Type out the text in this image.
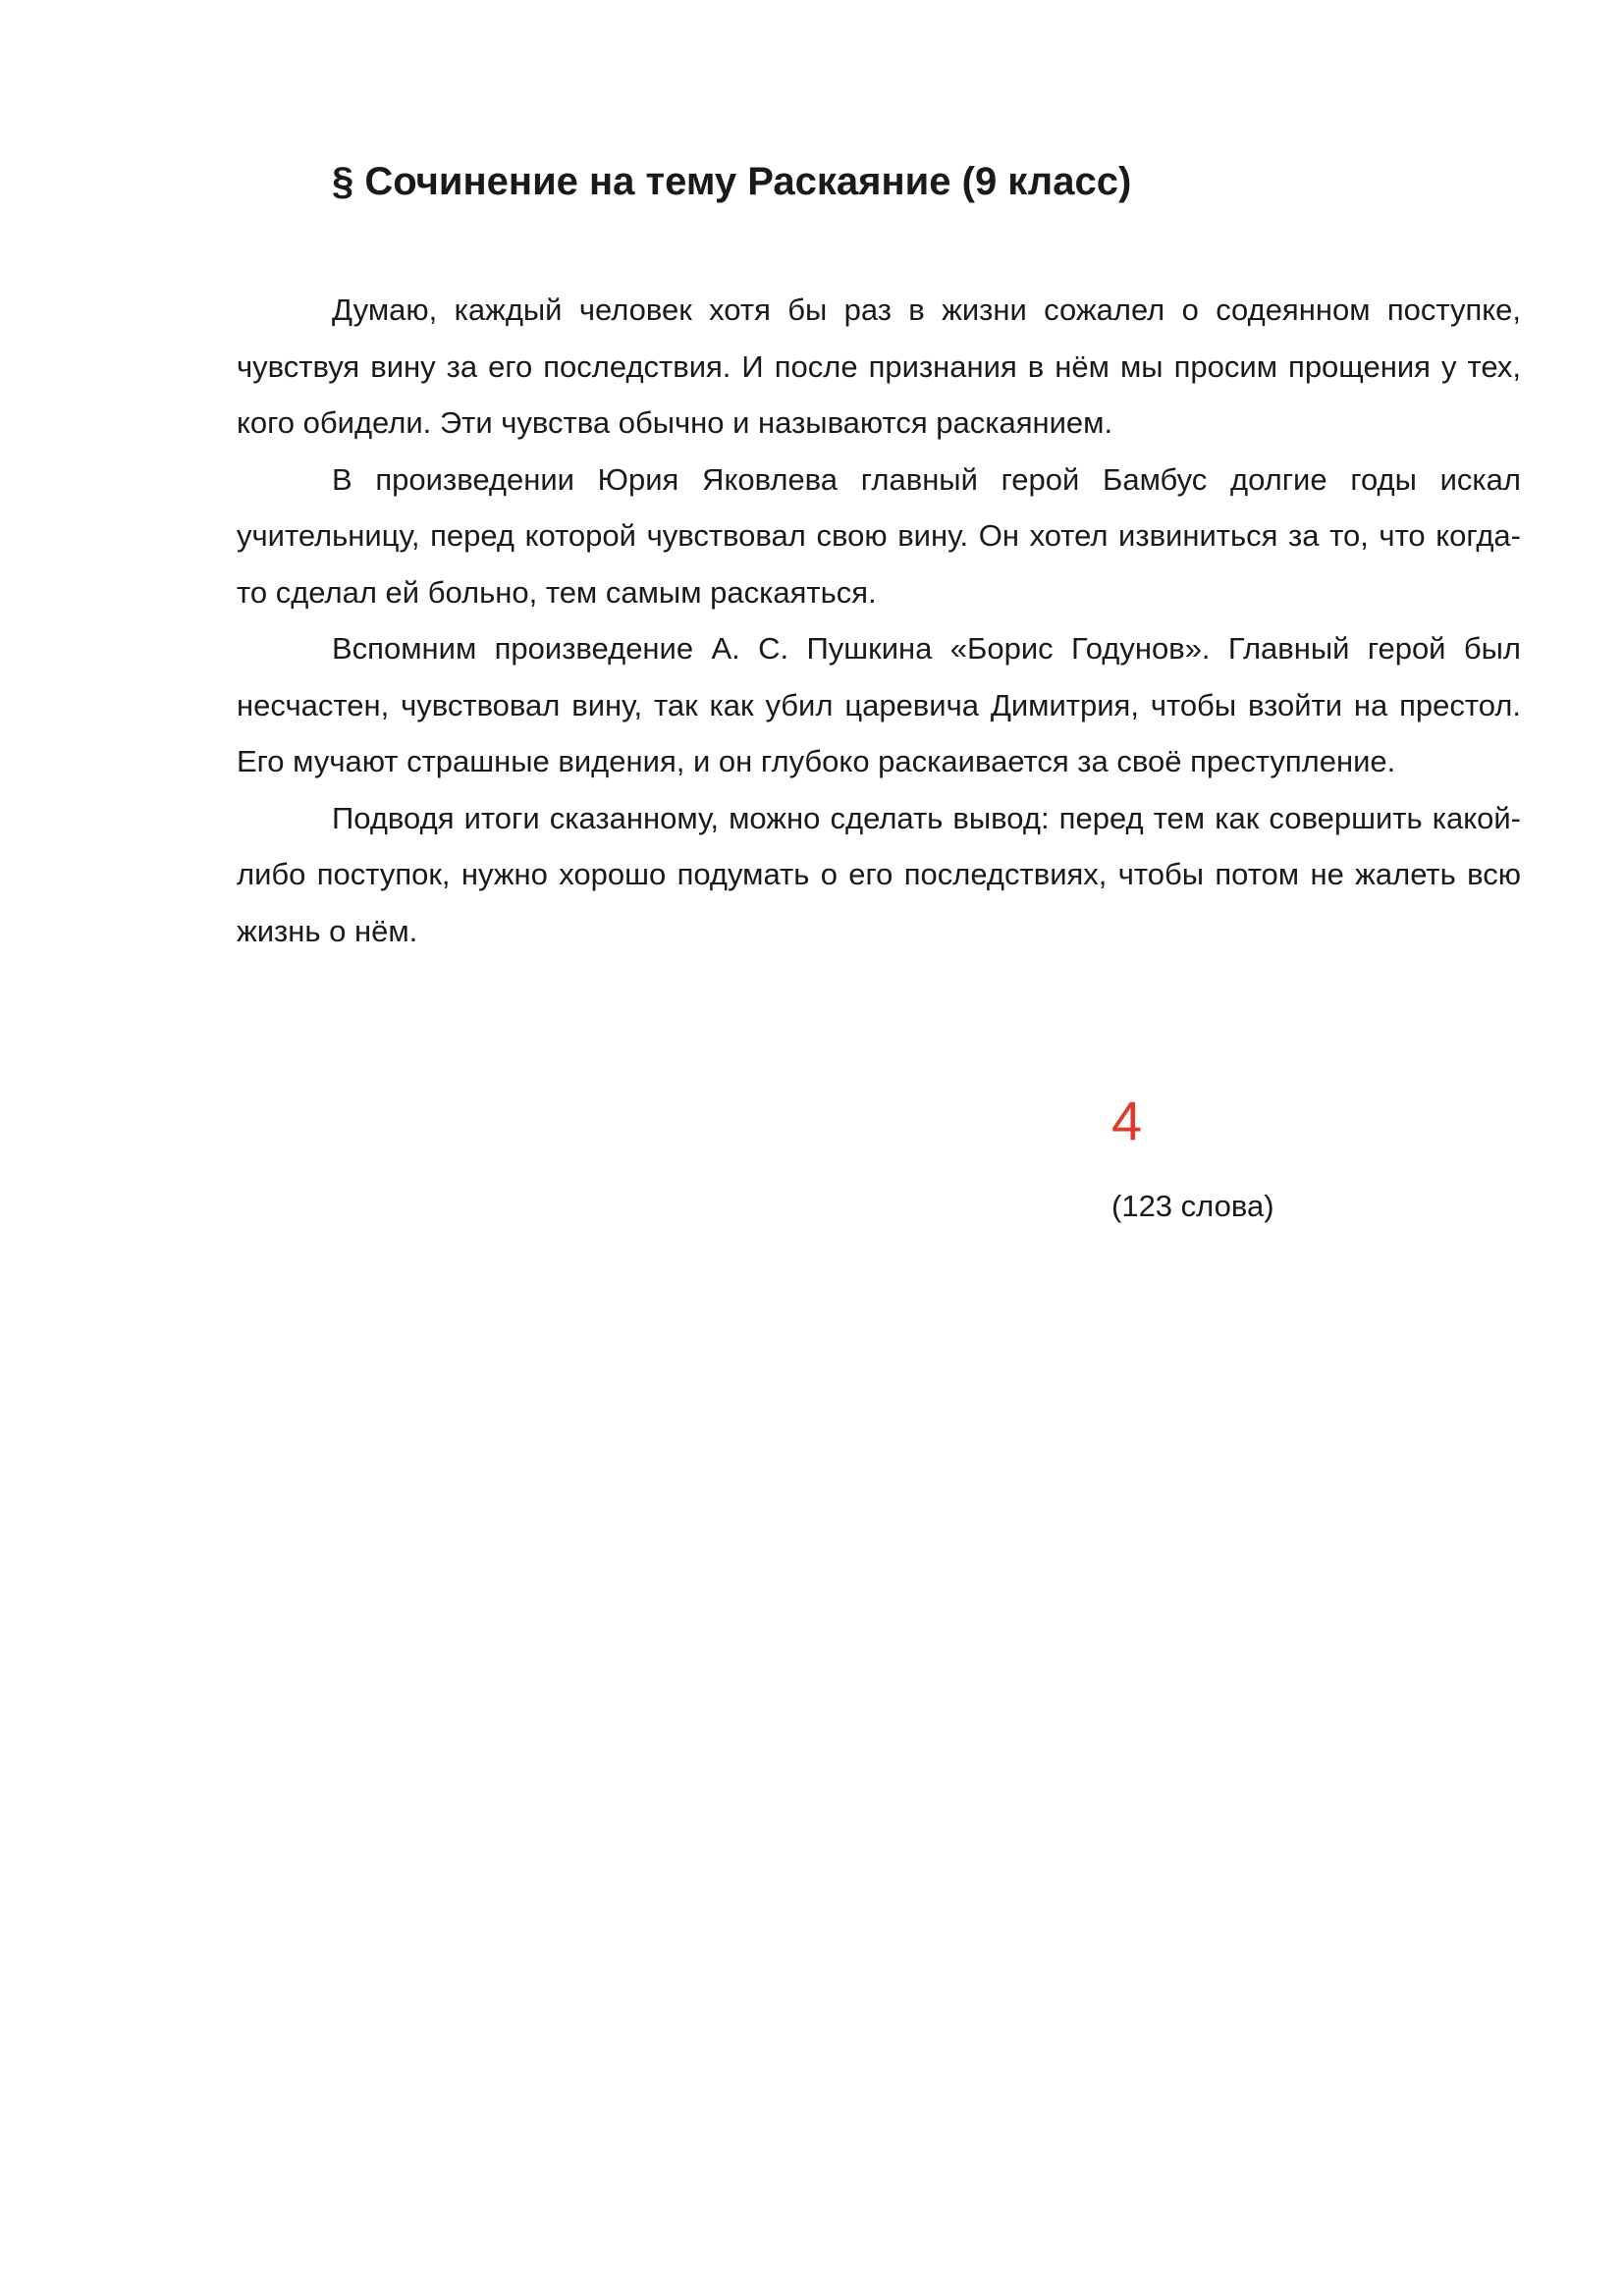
§ Сочинение на тему Раскаяние (9 класс)

Думаю, каждый человек хотя бы раз в жизни сожалел о содеянном поступке, чувствуя вину за его последствия. И после признания в нём мы просим прощения у тех, кого обидели. Эти чувства обычно и называются раскаянием.

В произведении Юрия Яковлева главный герой Бамбус долгие годы искал учительницу, перед которой чувствовал свою вину. Он хотел извиниться за то, что когда-то сделал ей больно, тем самым раскаяться.

Вспомним произведение А. С. Пушкина «Борис Годунов». Главный герой был несчастен, чувствовал вину, так как убил царевича Димитрия, чтобы взойти на престол. Его мучают страшные видения, и он глубоко раскаивается за своё преступление.

Подводя итоги сказанному, можно сделать вывод: перед тем как совершить какой-либо поступок, нужно хорошо подумать о его последствиях, чтобы потом не жалеть всю жизнь о нём.

4
(123 слова)
